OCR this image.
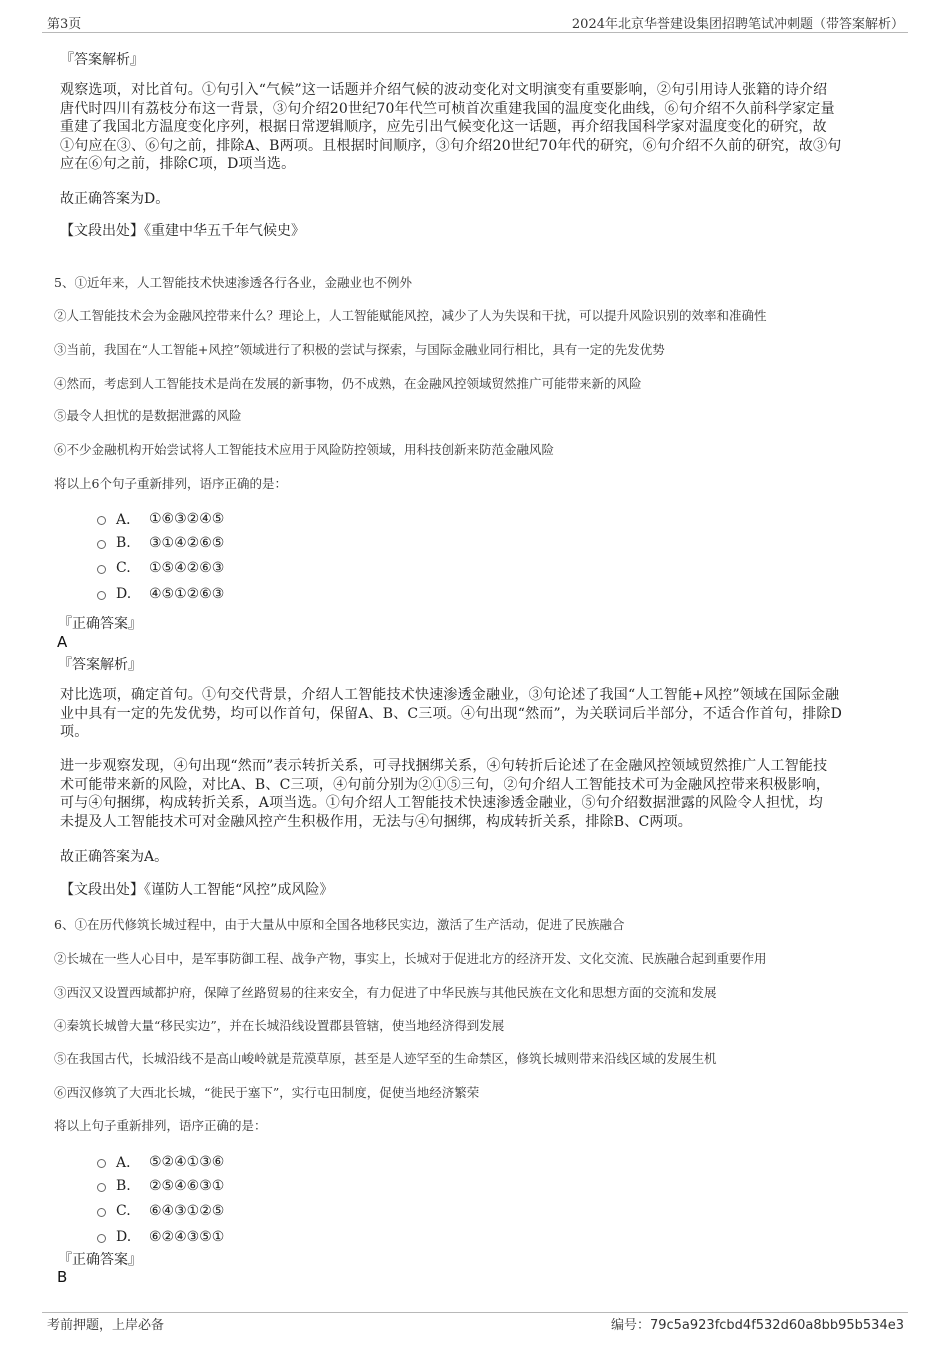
第3页	2024年北京华誉建设集团招聘笔试冲刺题（带答案解析）

『答案解析』

观察选项，对比首句。①句引入“气候”这一话题并介绍气候的波动变化对文明演变有重要影响，②句引用诗人张籍的诗介绍
唐代时四川有荔枝分布这一背景，③句介绍20世纪70年代竺可桢首次重建我国的温度变化曲线，⑥句介绍不久前科学家定量
重建了我国北方温度变化序列，根据日常逻辑顺序，应先引出气候变化这一话题，再介绍我国科学家对温度变化的研究，故
①句应在③、⑥句之前，排除A、B两项。且根据时间顺序，③句介绍20世纪70年代的研究，⑥句介绍不久前的研究，故③句
应在⑥句之前，排除C项，D项当选。

故正确答案为D。

【文段出处】《重建中华五千年气候史》

5、①近年来，人工智能技术快速渗透各行各业，金融业也不例外

②人工智能技术会为金融风控带来什么？理论上，人工智能赋能风控，减少了人为失误和干扰，可以提升风险识别的效率和准确性

③当前，我国在“人工智能+风控”领域进行了积极的尝试与探索，与国际金融业同行相比，具有一定的先发优势

④然而，考虑到人工智能技术是尚在发展的新事物，仍不成熟，在金融风控领域贸然推广可能带来新的风险

⑤最令人担忧的是数据泄露的风险

⑥不少金融机构开始尝试将人工智能技术应用于风险防控领域，用科技创新来防范金融风险

将以上6个句子重新排列，语序正确的是：

A． ①⑥③②④⑤
B.	③①④②⑥⑤
C.	①⑤④②⑥③
D.	④⑤①②⑥③

『正确答案』

A

『答案解析』

对比选项，确定首句。①句交代背景，介绍人工智能技术快速渗透金融业，③句论述了我国“人工智能+风控”领域在国际金融
业中具有一定的先发优势，均可以作首句，保留A、B、C三项。④句出现“然而”，为关联词后半部分，不适合作首句，排除D
项。
进一步观察发现，④句出现“然而”表示转折关系，可寻找捆绑关系，④句转折后论述了在金融风控领域贸然推广人工智能技
术可能带来新的风险，对比A、B、C三项，④句前分别为②①⑤三句，②句介绍人工智能技术可为金融风控带来积极影响，
可与④句捆绑，构成转折关系，A项当选。①句介绍人工智能技术快速渗透金融业，⑤句介绍数据泄露的风险令人担忧，均
未提及人工智能技术可对金融风控产生积极作用，无法与④句捆绑，构成转折关系，排除B、C两项。

故正确答案为A。

【文段出处】《谨防人工智能“风控”成风险》

6、①在历代修筑长城过程中，由于大量从中原和全国各地移民实边，激活了生产活动，促进了民族融合

②长城在一些人心目中，是军事防御工程、战争产物，事实上，长城对于促进北方的经济开发、文化交流、民族融合起到重要作用

③西汉又设置西域都护府，保障了丝路贸易的往来安全，有力促进了中华民族与其他民族在文化和思想方面的交流和发展

④秦筑长城曾大量“移民实边”，并在长城沿线设置郡县管辖，使当地经济得到发展

⑤在我国古代，长城沿线不是高山峻岭就是荒漠草原，甚至是人迹罕至的生命禁区，修筑长城则带来沿线区域的发展生机

⑥西汉修筑了大西北长城，“徙民于塞下”，实行屯田制度，促使当地经济繁荣

将以上句子重新排列，语序正确的是：

A． ⑤②④①③⑥
B.	②⑤④⑥③①
C.	⑥④③①②⑤
D.	⑥②④③⑤①

『正确答案』

B

考前押题，上岸必备	编号：79c5a923fcbd4f532d60a8bb95b534e3
